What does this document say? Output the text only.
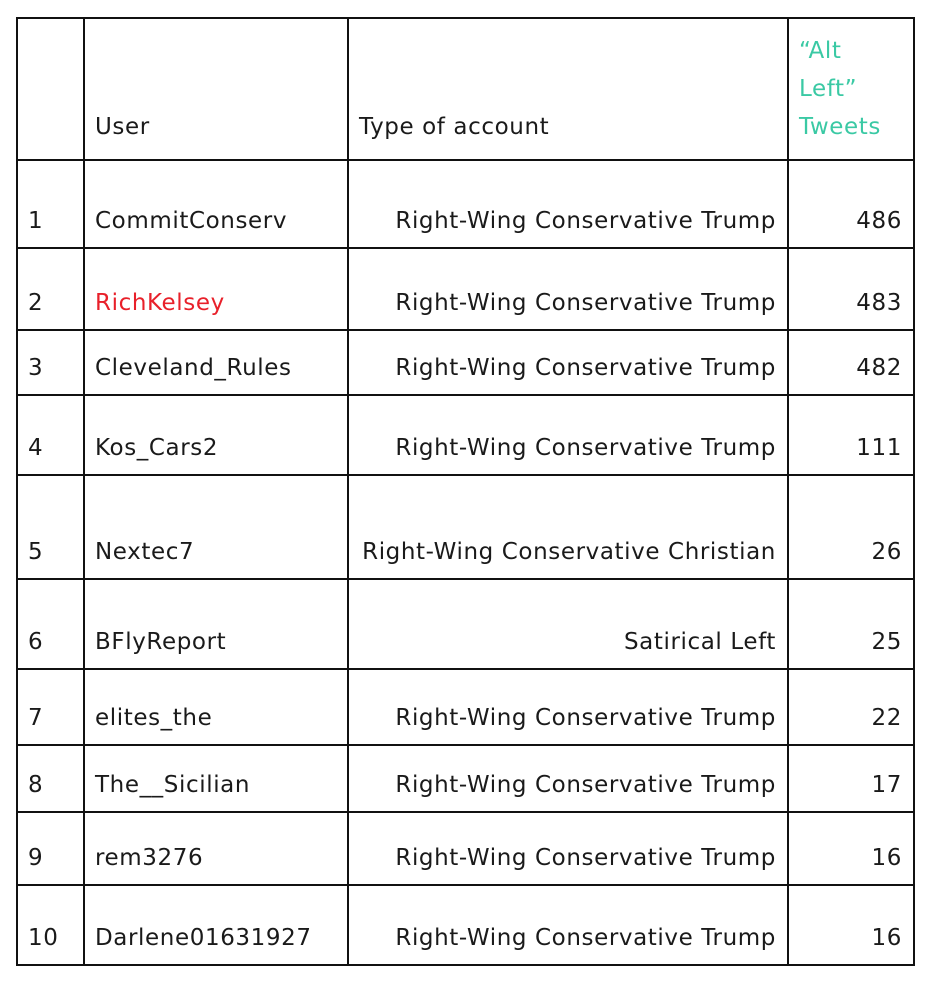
	User	Type of account	“Alt Left” Tweets
1	CommitConserv	Right-Wing Conservative Trump	486
2	RichKelsey	Right-Wing Conservative Trump	483
3	Cleveland_Rules	Right-Wing Conservative Trump	482
4	Kos_Cars2	Right-Wing Conservative Trump	111
5	Nextec7	Right-Wing Conservative Christian	26
6	BFlyReport	Satirical Left	25
7	elites_the	Right-Wing Conservative Trump	22
8	The__Sicilian	Right-Wing Conservative Trump	17
9	rem3276	Right-Wing Conservative Trump	16
10	Darlene01631927	Right-Wing Conservative Trump	16
